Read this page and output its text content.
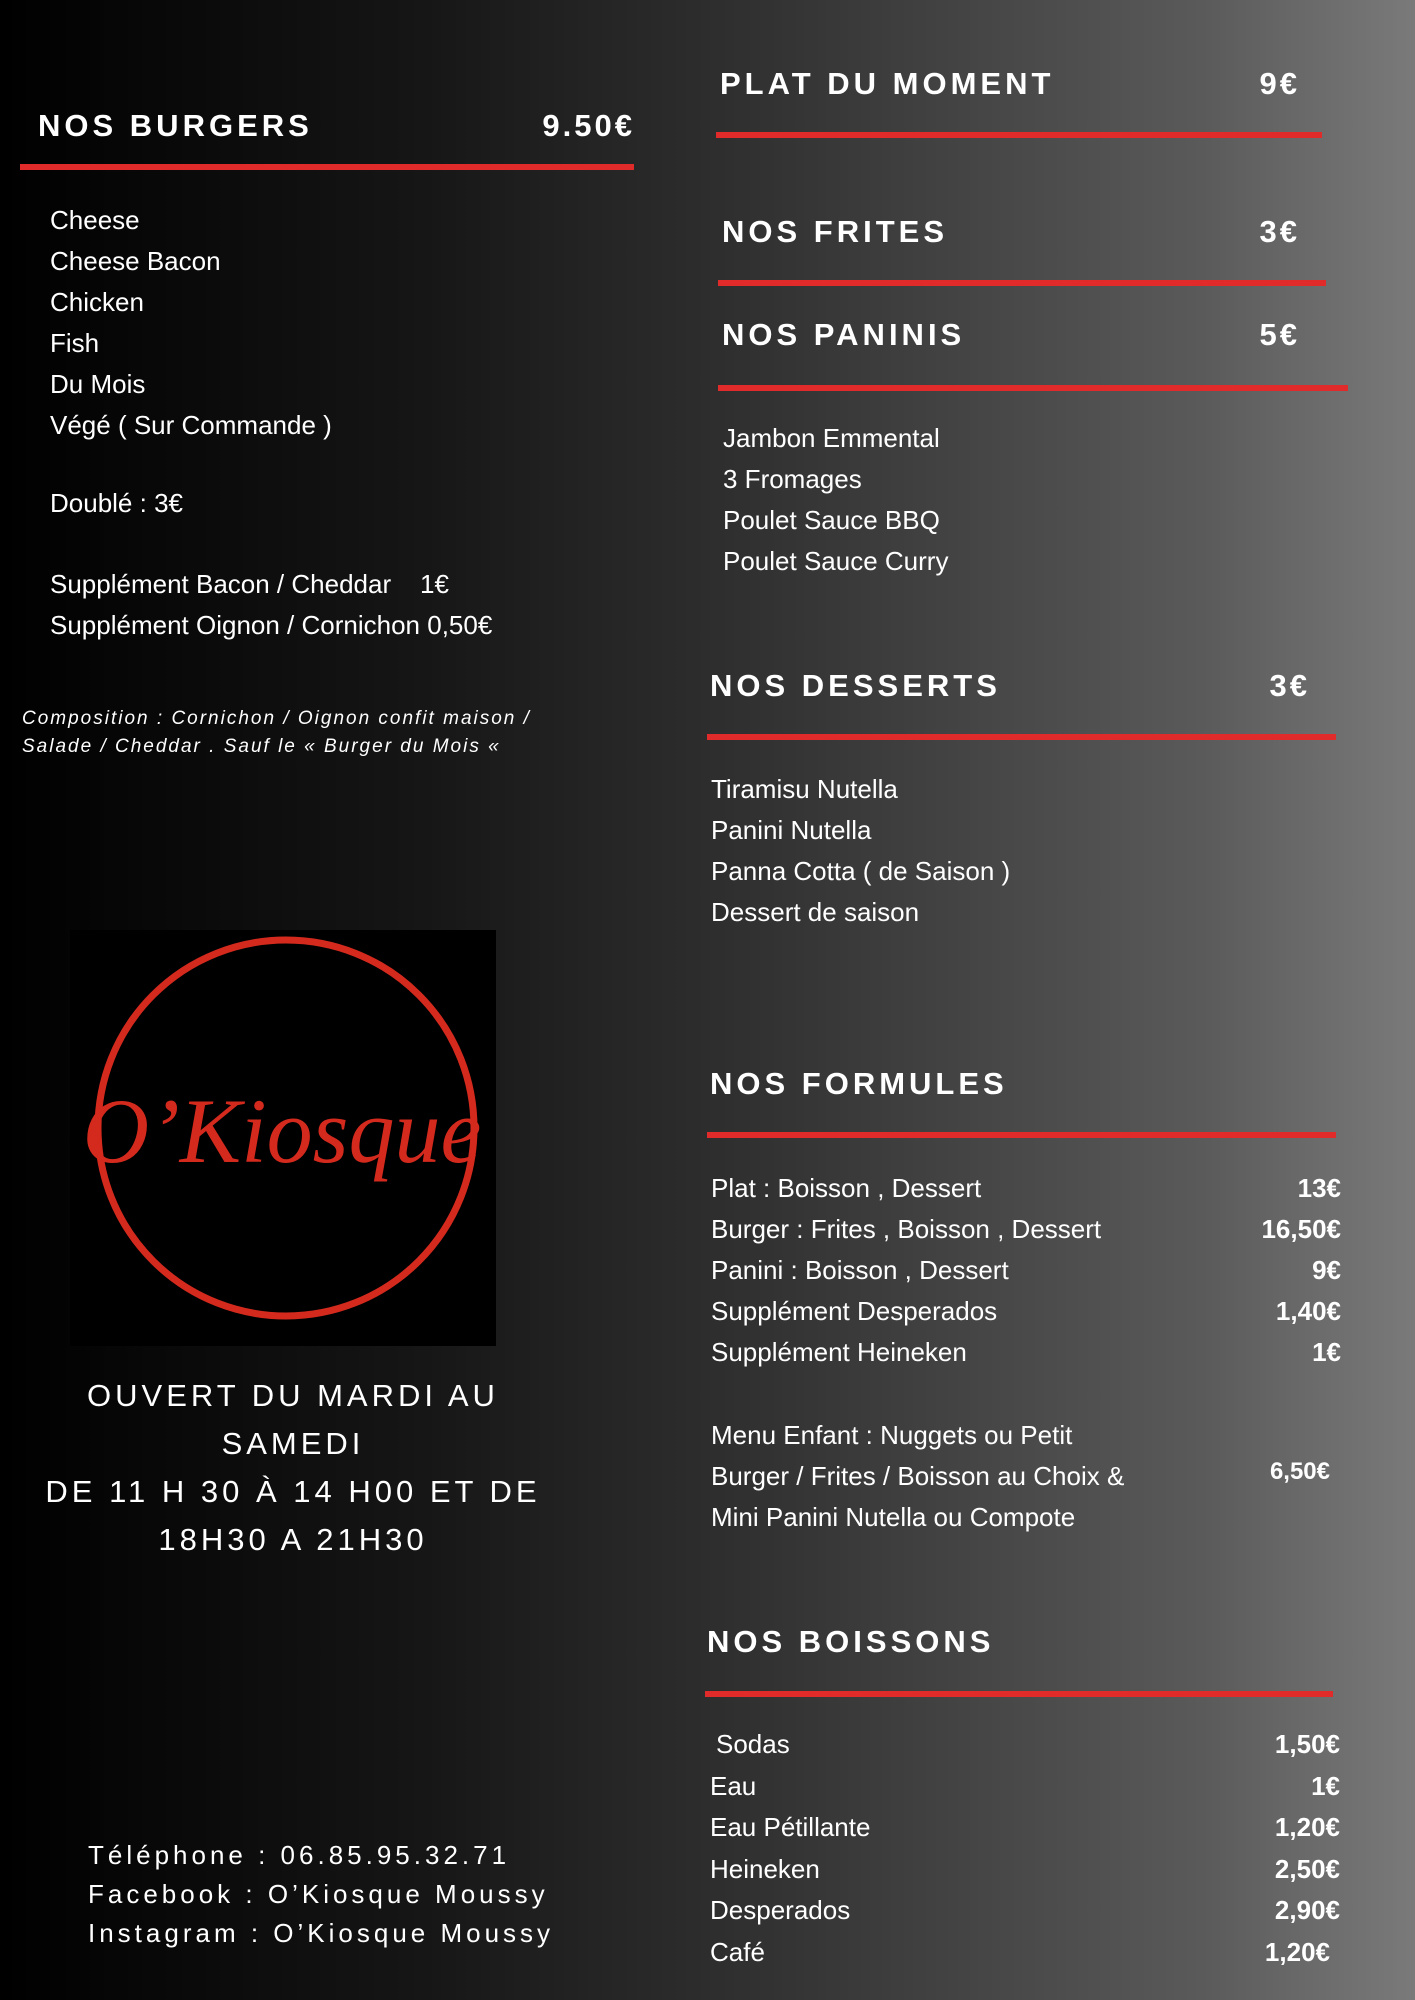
NOS BURGERS	9.50€
Cheese
Cheese Bacon
Chicken
Fish
Du Mois
Végé ( Sur Commande )
Doublé : 3€
Supplément Bacon / Cheddar    1€
Supplément Oignon / Cornichon 0,50€
Composition : Cornichon / Oignon confit maison /
Salade / Cheddar . Sauf le « Burger du Mois «
O’Kiosque
OUVERT DU MARDI AU
SAMEDI
DE 11 H 30 À 14 H00 ET DE
18H30 A 21H30
Téléphone : 06.85.95.32.71
Facebook : O’Kiosque Moussy
Instagram : O’Kiosque Moussy
PLAT DU MOMENT	9€
NOS FRITES	3€
NOS PANINIS	5€
Jambon Emmental
3 Fromages
Poulet Sauce BBQ
Poulet Sauce Curry
NOS DESSERTS	3€
Tiramisu Nutella
Panini Nutella
Panna Cotta ( de Saison )
Dessert de saison
NOS FORMULES
Plat : Boisson , Dessert	13€
Burger : Frites , Boisson , Dessert	16,50€
Panini : Boisson , Dessert	9€
Supplément Desperados	1,40€
Supplément Heineken	1€
Menu Enfant : Nuggets ou Petit
Burger / Frites / Boisson au Choix &
Mini Panini Nutella ou Compote
6,50€
NOS BOISSONS
Sodas	1,50€
Eau	1€
Eau Pétillante	1,20€
Heineken	2,50€
Desperados	2,90€
Café	1,20€
